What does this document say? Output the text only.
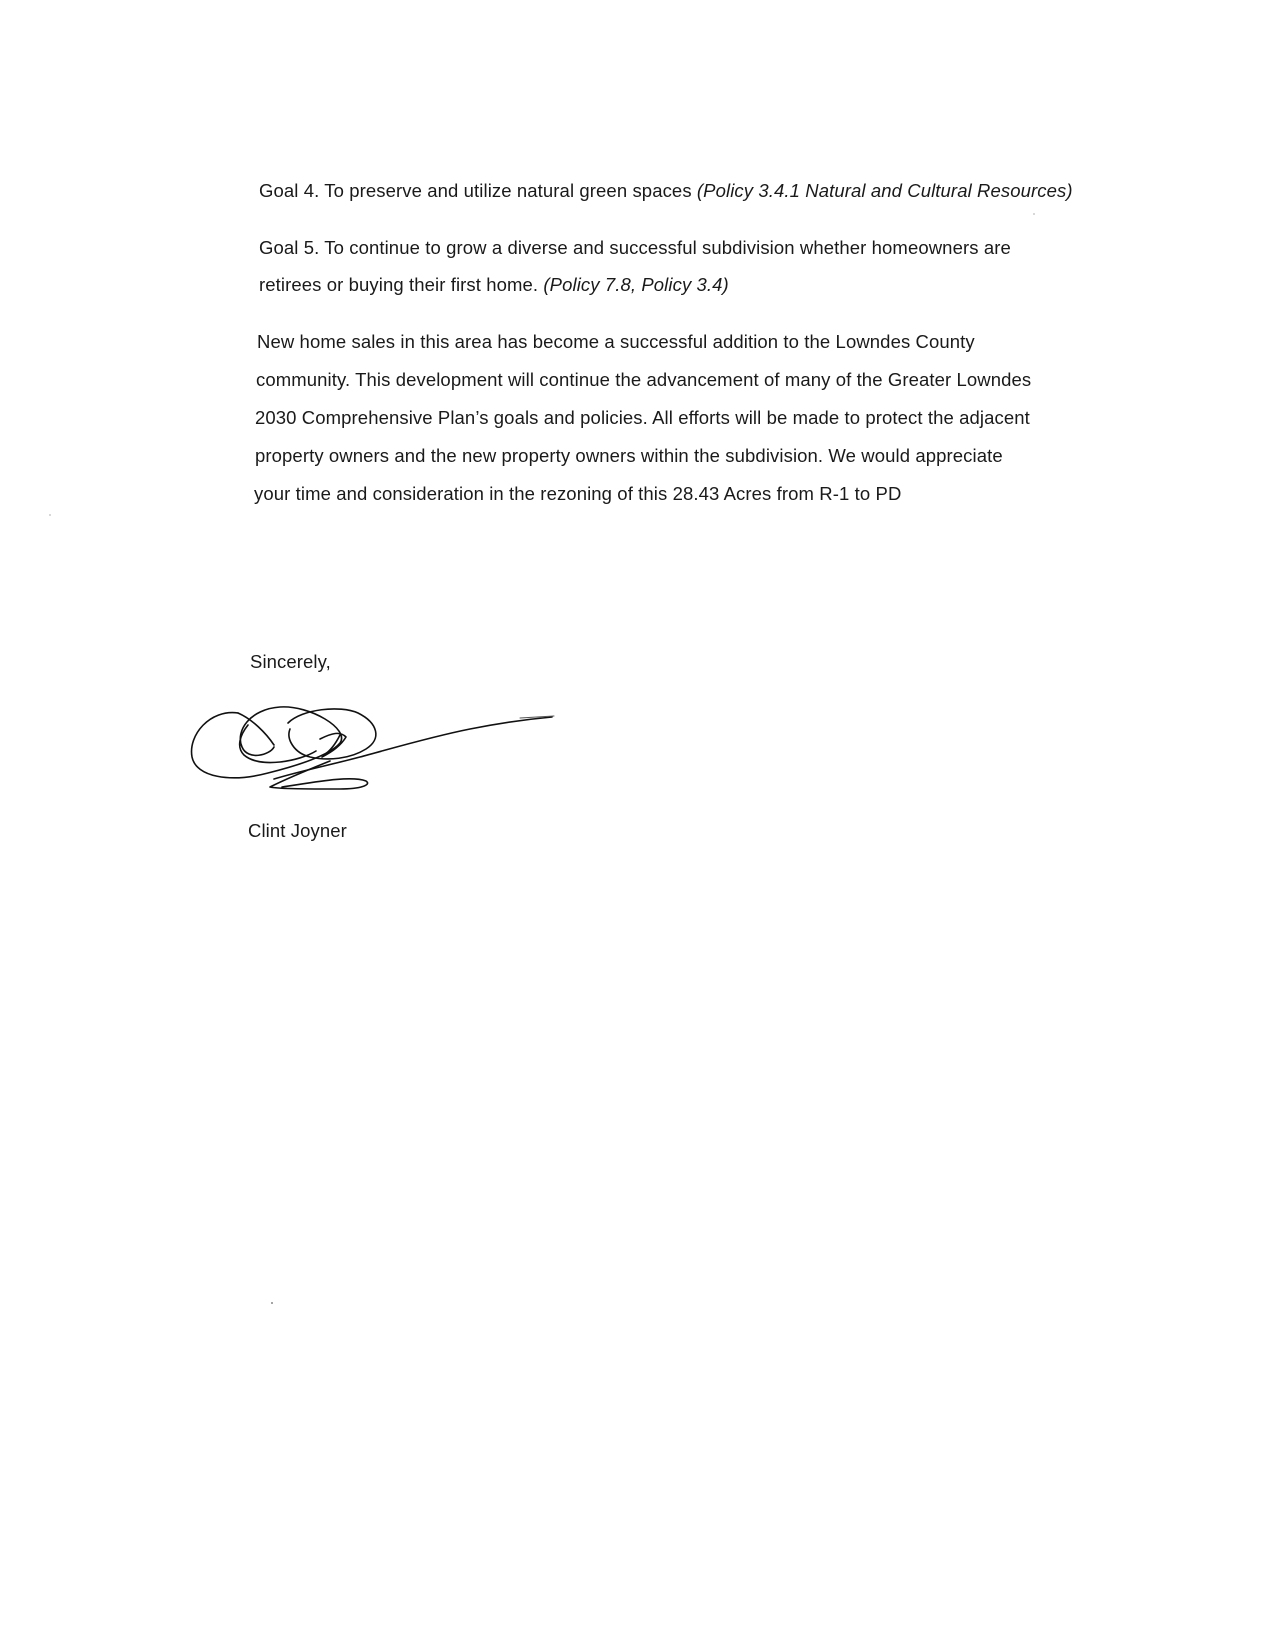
Goal 4. To preserve and utilize natural green spaces (Policy 3.4.1 Natural and Cultural Resources)
Goal 5. To continue to grow a diverse and successful subdivision whether homeowners are
retirees or buying their first home. (Policy 7.8, Policy 3.4)
New home sales in this area has become a successful addition to the Lowndes County
community. This development will continue the advancement of many of the Greater Lowndes
2030 Comprehensive Plan’s goals and policies. All efforts will be made to protect the adjacent
property owners and the new property owners within the subdivision. We would appreciate
your time and consideration in the rezoning of this 28.43 Acres from R-1 to PD
Sincerely,
Clint Joyner
